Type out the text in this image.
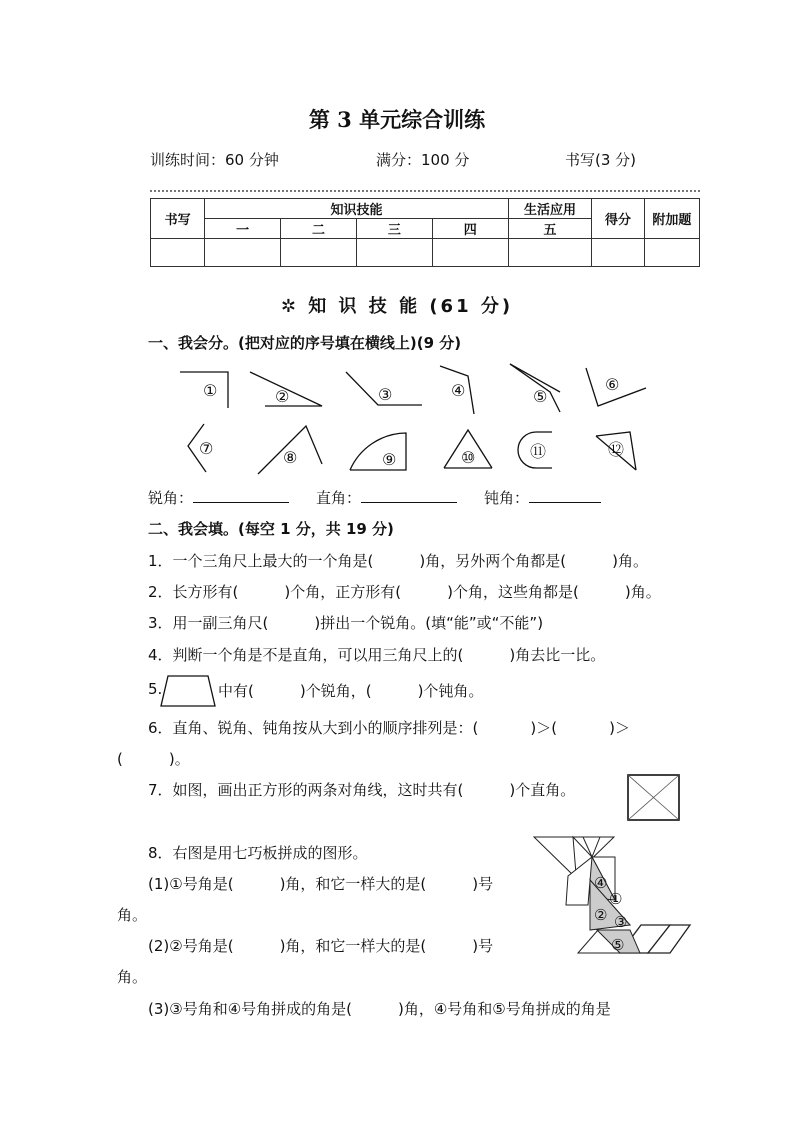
第 3 单元综合训练
训练时间：60 分钟	满分：100 分	书写(3 分)
书写	知识技能				生活应用	得分	附加题
	一	二	三	四	五		

✲ 知 识 技 能 (61 分)
一、我会分。(把对应的序号填在横线上)(9 分)
①	②	③	④	⑤
⑥
⑦	⑧	⑨	⑩	⑪	⑫
④
①
② ③
⑤
锐角：	直角：	钝角：
二、我会填。(每空 1 分，共 19 分)
1．一个三角尺上最大的一个角是(	)角，另外两个角都是(	)角。
2．长方形有(	)个角，正方形有(	)个角，这些角都是(	)角。
3．用一副三角尺(	)拼出一个锐角。(填“能”或“不能”)
4．判断一个角是不是直角，可以用三角尺上的(	)角去比一比。
5.	中有(	)个锐角，(	)个钝角。
6．直角、锐角、钝角按从大到小的顺序排列是：(	)＞(	)＞
(	)。
7．如图，画出正方形的两条对角线，这时共有(	)个直角。
8．右图是用七巧板拼成的图形。
(1)①号角是(	)角，和它一样大的是(	)号
角。
(2)②号角是(	)角，和它一样大的是(	)号
角。
(3)③号角和④号角拼成的角是(	)角，④号角和⑤号角拼成的角是
